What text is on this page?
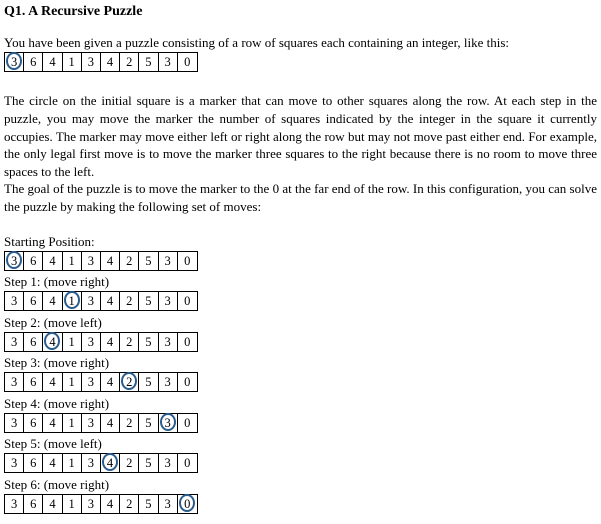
Q1. A Recursive Puzzle
You have been given a puzzle consisting of a row of squares each containing an integer, like this:
3	6	4	1	3	4	2	5	3	0

The circle on the initial square is a marker that can move to other squares along the row. At each step in the puzzle, you may move the marker the number of squares indicated by the integer in the square it currently occupies. The marker may move either left or right along the row but may not move past either end. For example, the only legal first move is to move the marker three squares to the right because there is no room to move three spaces to the left.

The goal of the puzzle is to move the marker to the 0 at the far end of the row. In this configuration, you can solve the puzzle by making the following set of moves:

Starting Position:
3	6	4	1	3	4	2	5	3	0
Step 1: (move right)
3	6	4	1	3	4	2	5	3	0
Step 2: (move left)
3	6	4	1	3	4	2	5	3	0
Step 3: (move right)
3	6	4	1	3	4	2	5	3	0
Step 4: (move right)
3	6	4	1	3	4	2	5	3	0
Step 5: (move left)
3	6	4	1	3	4	2	5	3	0
Step 6: (move right)
3	6	4	1	3	4	2	5	3	0
